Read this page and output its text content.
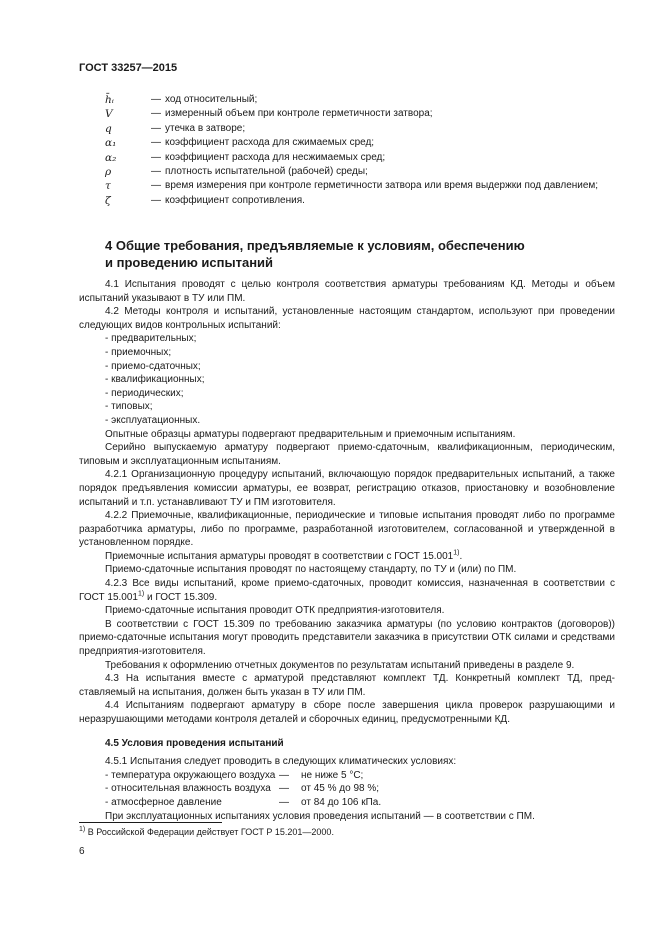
ГОСТ 33257—2015
h̄ᵢ	— ход относительный;
V	— измеренный объем при контроле герметичности затвора;
q	— утечка в затворе;
α₁	— коэффициент расхода для сжимаемых сред;
α₂	— коэффициент расхода для несжимаемых сред;
ρ	— плотность испытательной (рабочей) среды;
τ	— время измерения при контроле герметичности затвора или время выдержки под давлением;
ζ	— коэффициент сопротивления.
4 Общие требования, предъявляемые к условиям, обеспечению
и проведению испытаний

4.1 Испытания проводят с целью контроля соответствия арматуры требованиям КД. Методы и объем испытаний указывают в ТУ или ПМ.

4.2 Методы контроля и испытаний, установленные настоящим стандартом, используют при проведении следующих видов контрольных испытаний:

- предварительных;
- приемочных;
- приемо-сдаточных;
- квалификационных;
- периодических;
- типовых;
- эксплуатационных.

Опытные образцы арматуры подвергают предварительным и приемочным испытаниям.

Серийно выпускаемую арматуру подвергают приемо-сдаточным, квалификационным, периодическим, типовым и эксплуатационным испытаниям.

4.2.1 Организационную процедуру испытаний, включающую порядок предварительных испытаний, а также порядок предъявления комиссии арматуры, ее возврат, регистрацию отказов, приостановку и возобновление испытаний и т.п. устанавливают ТУ и ПМ изготовителя.

4.2.2 Приемочные, квалификационные, периодические и типовые испытания проводят либо по программе разработчика арматуры, либо по программе, разработанной изготовителем, согласованной и утвержденной в установленном порядке.

Приемочные испытания арматуры проводят в соответствии с ГОСТ 15.001$^{1)}$.

Приемо-сдаточные испытания проводят по настоящему стандарту, по ТУ и (или) по ПМ.

4.2.3 Все виды испытаний, кроме приемо-сдаточных, проводит комиссия, назначенная в соответствии с ГОСТ 15.001$^{1)}$ и ГОСТ 15.309.

Приемо-сдаточные испытания проводит ОТК предприятия-изготовителя.

В соответствии с ГОСТ 15.309 по требованию заказчика арматуры (по условию контрактов (договоров)) приемо-сдаточные испытания могут проводить представители заказчика в присутствии ОТК силами и средствами предприятия-изготовителя.

Требования к оформлению отчетных документов по результатам испытаний приведены в разделе 9.

4.3 На испытания вместе с арматурой представляют комплект ТД. Конкретный комплект ТД, представляемый на испытания, должен быть указан в ТУ или ПМ.

4.4 Испытаниям подвергают арматуру в сборе после завершения цикла проверок разрушающими и неразрушающими методами контроля деталей и сборочных единиц, предусмотренными КД.

4.5 Условия проведения испытаний

4.5.1 Испытания следует проводить в следующих климатических условиях:

- температура окружающего воздуха —	не ниже 5 °С;
- относительная влажность воздуха —	от 45 % до 98 %;
- атмосферное давление	—	от 84 до 106 кПа.

При эксплуатационных испытаниях условия проведения испытаний — в соответствии с ПМ.

$^{1)}$ В Российской Федерации действует ГОСТ Р 15.201—2000.
6
